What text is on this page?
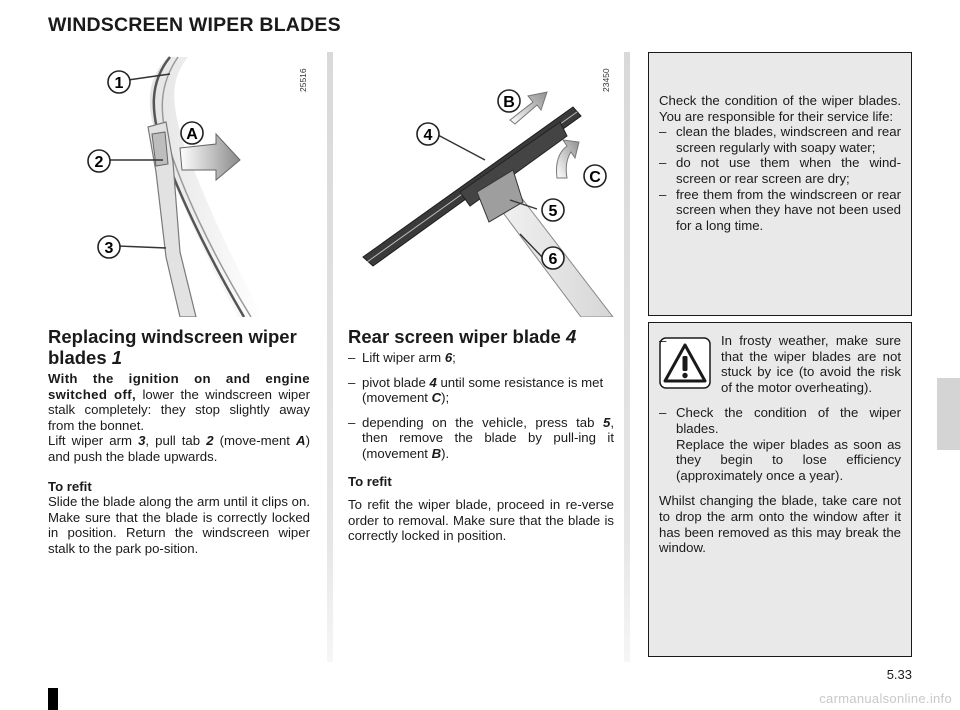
WINDSCREEN WIPER BLADES
1
2
3
A
25516
4
5
6
B
C
23450
Replacing windscreen wiper blades 1

With the ignition on and engine switched off, lower the windscreen wiper stalk completely: they stop slightly away from the bonnet.

Lift wiper arm 3, pull tab 2 (move-ment A) and push the blade upwards.

To refit

Slide the blade along the arm until it clips on. Make sure that the blade is correctly locked in position. Return the windscreen wiper stalk to the park po-sition.

Rear screen wiper blade 4
– Lift wiper arm 6;
– pivot blade 4 until some resistance is met (movement C);
– depending on the vehicle, press tab 5, then remove the blade by pull-ing it (movement B).

To refit

To refit the wiper blade, proceed in re-verse order to removal. Make sure that the blade is correctly locked in position.

Check the condition of the wiper blades. You are responsible for their service life:

– clean the blades, windscreen and rear screen regularly with soapy water;
– do not use them when the wind-screen or rear screen are dry;
– free them from the windscreen or rear screen when they have not been used for a long time.

– In frosty weather, make sure that the wiper blades are not stuck by ice (to avoid the risk of the motor overheating).

– Check the condition of the wiper blades.
Replace the wiper blades as soon as they begin to lose efficiency (approximately once a year).

Whilst changing the blade, take care not to drop the arm onto the window after it has been removed as this may break the window.

5.33
carmanualsonline.info
